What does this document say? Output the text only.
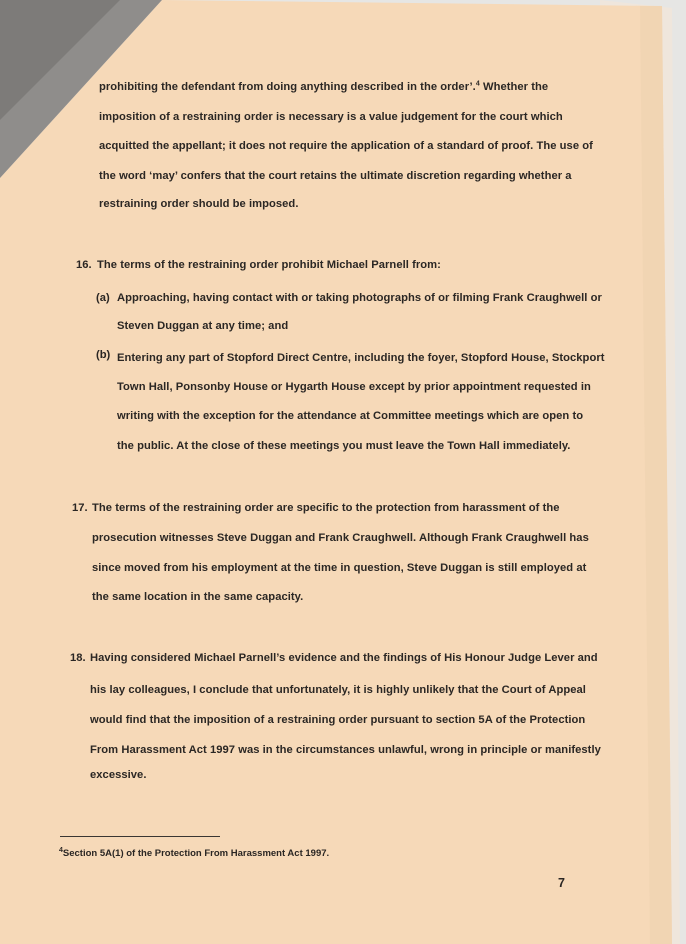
prohibiting the defendant from doing anything described in the order’.$^4$ Whether the
imposition of a restraining order is necessary is a value judgement for the court which
acquitted the appellant; it does not require the application of a standard of proof. The use of
the word ‘may’ confers that the court retains the ultimate discretion regarding whether a
restraining order should be imposed.
16. The terms of the restraining order prohibit Michael Parnell from:
(a) Approaching, having contact with or taking photographs of or filming Frank Craughwell or
Steven Duggan at any time; and
(b) Entering any part of Stopford Direct Centre, including the foyer, Stopford House, Stockport
Town Hall, Ponsonby House or Hygarth House except by prior appointment requested in
writing with the exception for the attendance at Committee meetings which are open to
the public. At the close of these meetings you must leave the Town Hall immediately.
17. The terms of the restraining order are specific to the protection from harassment of the
prosecution witnesses Steve Duggan and Frank Craughwell. Although Frank Craughwell has
since moved from his employment at the time in question, Steve Duggan is still employed at
the same location in the same capacity.
18. Having considered Michael Parnell’s evidence and the findings of His Honour Judge Lever and
his lay colleagues, I conclude that unfortunately, it is highly unlikely that the Court of Appeal
would find that the imposition of a restraining order pursuant to section 5A of the Protection
From Harassment Act 1997 was in the circumstances unlawful, wrong in principle or manifestly
excessive.
$^4$Section 5A(1) of the Protection From Harassment Act 1997.
7
